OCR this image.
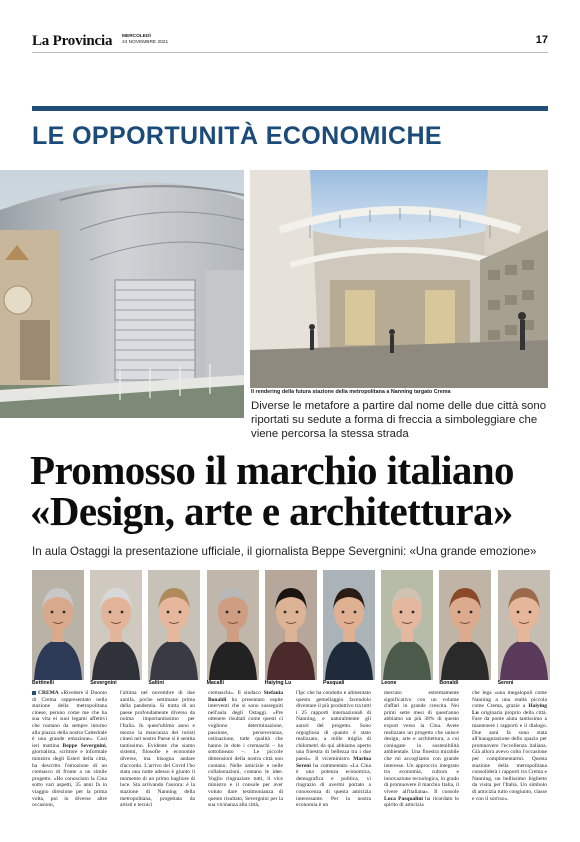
La Provincia MERCOLEDÌ
24 NOVEMBRE 2021	17
LE OPPORTUNITÀ ECONOMICHE
Il rendering della futura stazione della metropolitana a Nanning targato Crema
Diverse le metafore a partire dal nome delle due città sono riportati su sedute a forma di freccia a simboleggiare che viene percorsa la stessa strada
Promosso il marchio italiano
«Design, arte e architettura»
In aula Ostaggi la presentazione ufficiale, il giornalista Beppe Severgnini: «Una grande emozione»
Bettinelli	Severgnini	Saltini	Macalli	Haiying Lu	Pasquali	Leone	Bonaldi	Sereni
CREMA «Rivedere il Duomo di Crema rappresentato nella stazione della metropolitana cinese, peruno come me che ha sua vita ei suoi legami affettivi che ruotano da sempre intorno alla piazza della nostra Cattedrale è una grande emozione». Così ieri mattina Beppe Severgnini, giornalista, scrittore e informale ministro degli Esteri della città, ha descritto l'emozione di un cremasco di fronte a un simile progetto. «Ho conosciuto la Cina sotto vari aspetti, 35 anni fa in viaggio direzione per la prima volta, poi in diverse altre occasioni,
l'ultima nel novembre di due annifa, poche settimane prima della pandemia. Si tratta di un paese profondamente diverso da noima importantissimo per l'Italia. In quest'ultimo anno e mezzo la mancanza dei turisti cinesi nel nostro Paese si è sentita tantissimo. Evidente che siamo sistemi, filosofie e economie diverse, ma bisogna andare d'accordo. L'arrivo del Covid l'ho stata una notte adesso è giunto il momento di un primo bagliore di luce. Sta arrivando l'aurora: è la stazione di Nanning della metropolitana, progettata da artisti e tecnici
cremaschi». Il sindaco Stefania Bonaldi ha presentato ospite interventi che si sono susseguiti nell'aula degli Ostaggi. «Pre ottenere risultati come questi ci vogliono determinazione, passione, perseveranza, ostinazione, tutte qualità che hanno in dote i cremaschi – ha sottolineato –. Le piccole dimensioni della nostra città non contano. Nelle amicizie e nelle collaborazioni, contano le idee. Voglio ringraziare tutti, il vice ministro e il console per aver voluto dare testimonianza di questo risultato, Severgnini per la sua vicinanza alla città,
l'Ipc che ha condotto e alimentato questo gemellaggio facendolo diventare il più produttivo tra tutti i 25 rapporti internazionali di Nanning, e naturalmente gli autori del progetto. Sono orgogliosa di quanto è stato realizzato, a mille miglia di chilometri da qui abbiamo aperto una finestra di bellezza tra i due paesi». Il viceministro Marina Sereni ha commentato «La Cina è una potenza economica, demografica e politica, vi ringrazio di avermi portato a conoscenza di questa amicizia interessante. Per la nostra economia è un
mercato estremamente significativo con un volume d'affari in grande crescita. Nei primi sette mesi di quest'anno abbiamo un più 38% di questo export verso la Cina. Avete realizzato un progetto che unisce design, arte e architettura, a cui coniugate la sostenibilità ambientale. Una finestra mirabile che mi accogliamo con grande interesse. Un approccio integrato tra economia, cultura e innovazione tecnologica, in grado di promuovere il marchio Italia, il vivere all'italiana». Il console Luca Pasqualini ha ricordato lo spirito di amicizia
che lega «una megalopoli come Nanning a una realtà piccola come Crema, grazie a Haiying Lu originaria proprio della città. Fare da ponte aiuta tantissimo a mantenere i rapporti e il dialogo. Due anni fa sono stata all'inaugurazione dello spazio per promuovere l'eccellenza italiana. Già allora avevo colto l'occasione per complimentarmi. Questa stazione della metropolitana consoliderà i rapporti tra Crema e Nanning, un bellissimo biglietto da visita per l'Italia. Un simbolo di amicizia tutto congiunto, classe e con il sorriso».
